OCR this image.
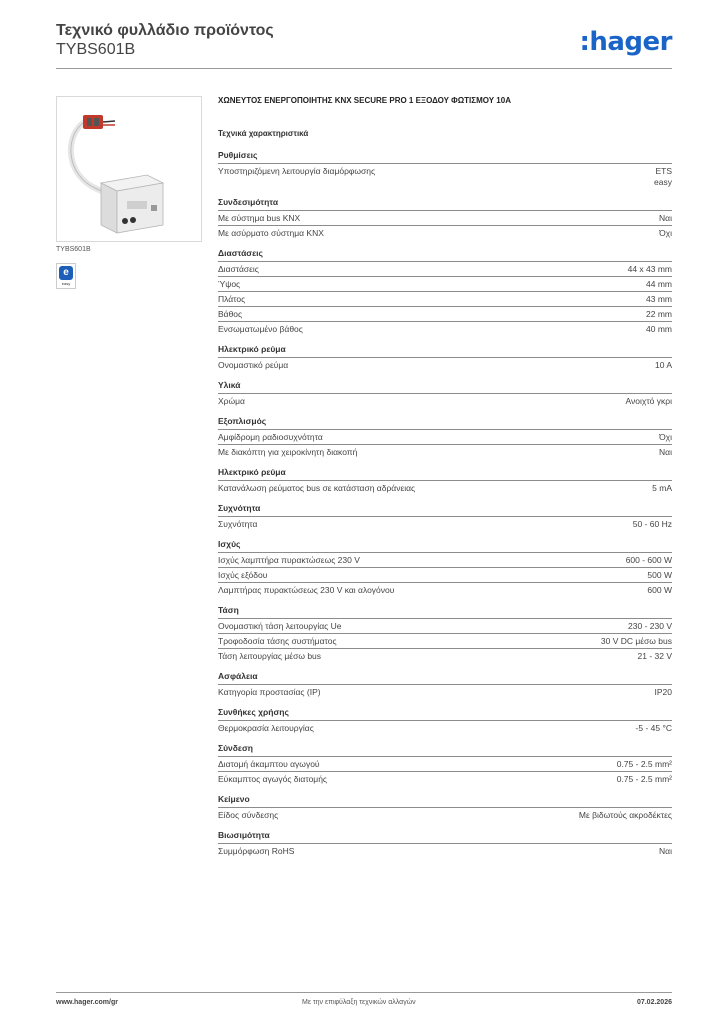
Τεχνικό φυλλάδιο προϊόντος
TYBS601B	:hager
TYBS601B
e
easy
ΧΩΝΕΥΤΟΣ ΕΝΕΡΓΟΠΟΙΗΤΗΣ KNX SECURE PRO 1 ΕΞΟΔΟΥ ΦΩΤΙΣΜΟΥ 10A
Τεχνικά χαρακτηριστικά
Ρυθμίσεις
Υποστηριζόμενη λειτουργία διαμόρφωσης	ETS
easy
Συνδεσιμότητα
Με σύστημα bus KNX	Ναι
Με ασύρματο σύστημα KNX	Όχι
Διαστάσεις
Διαστάσεις	44 x 43 mm
Ύψος	44 mm
Πλάτος	43 mm
Βάθος	22 mm
Ενσωματωμένο βάθος	40 mm
Ηλεκτρικό ρεύμα
Ονομαστικό ρεύμα	10 A
Υλικά
Χρώμα	Ανοιχτό γκρι
Εξοπλισμός
Αμφίδρομη ραδιοσυχνότητα	Όχι
Με διακόπτη για χειροκίνητη διακοπή	Ναι
Ηλεκτρικό ρεύμα
Κατανάλωση ρεύματος bus σε κατάσταση αδράνειας	5 mA
Συχνότητα
Συχνότητα	50 - 60 Hz
Ισχύς
Ισχύς λαμπτήρα πυρακτώσεως 230 V	600 - 600 W
Ισχύς εξόδου	500 W
Λαμπτήρας πυρακτώσεως 230 V και αλογόνου	600 W
Τάση
Ονομαστική τάση λειτουργίας Ue	230 - 230 V
Τροφοδοσία τάσης συστήματος	30 V DC μέσω bus
Τάση λειτουργίας μέσω bus	21 - 32 V
Ασφάλεια
Κατηγορία προστασίας (IP)	IP20
Συνθήκες χρήσης
Θερμοκρασία λειτουργίας	-5 - 45 °C
Σύνδεση
Διατομή άκαμπτου αγωγού	0.75 - 2.5 mm²
Εύκαμπτος αγωγός διατομής	0.75 - 2.5 mm²
Κείμενο
Είδος σύνδεσης	Με βιδωτούς ακροδέκτες
Βιωσιμότητα
Συμμόρφωση RoHS	Ναι
www.hager.com/gr	Με την επιφύλαξη τεχνικών αλλαγών	07.02.2026
